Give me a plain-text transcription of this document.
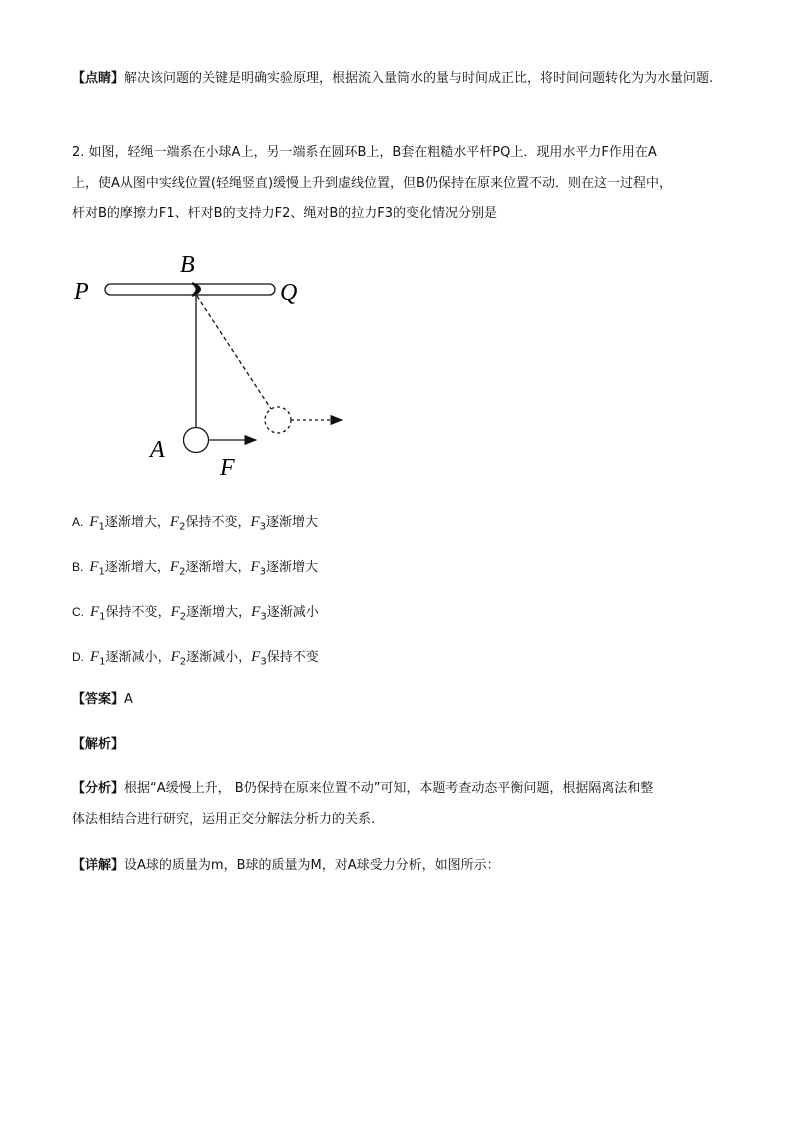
【点睛】解决该问题的关键是明确实验原理，根据流入量筒水的量与时间成正比，将时间问题转化为为水量问题.

2. 如图，轻绳一端系在小球A上，另一端系在圆环B上，B套在粗糙水平杆PQ上．现用水平力F作用在A
上，使A从图中实线位置(轻绳竖直)缓慢上升到虚线位置，但B仍保持在原来位置不动．则在这一过程中，
杆对B的摩擦力F1、杆对B的支持力F2、绳对B的拉力F3的变化情况分别是
P	Q
B
A
F
A. $F_1$逐渐增大，$F_2$保持不变，$F_3$逐渐增大
B. $F_1$逐渐增大，$F_2$逐渐增大，$F_3$逐渐增大
C. $F_1$保持不变，$F_2$逐渐增大，$F_3$逐渐减小
D. $F_1$逐渐减小，$F_2$逐渐减小，$F_3$保持不变
【答案】A
【解析】
【分析】根据“A缓慢上升， B仍保持在原来位置不动”可知，本题考查动态平衡问题，根据隔离法和整
体法相结合进行研究，运用正交分解法分析力的关系.
【详解】设A球的质量为m，B球的质量为M，对A球受力分析，如图所示：
